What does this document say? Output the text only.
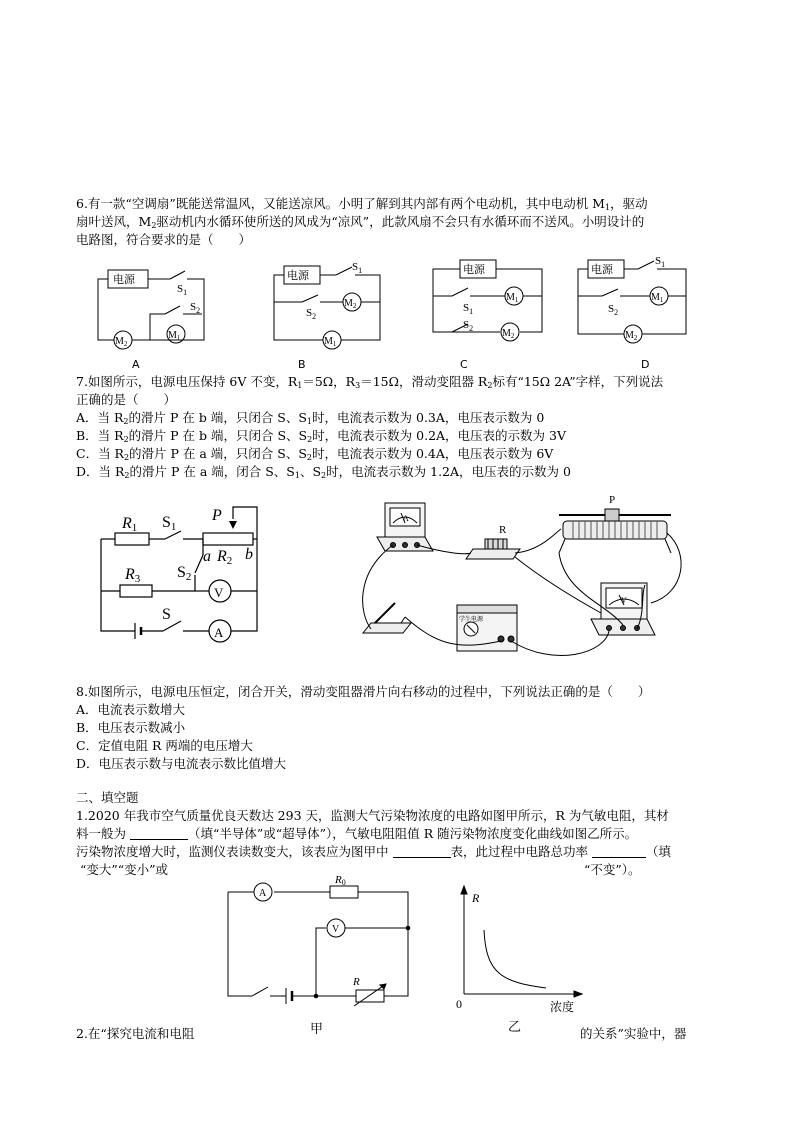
6.有一款“空调扇”既能送常温风，又能送凉风。小明了解到其内部有两个电动机，其中电动机 $M_1$，驱动
扇叶送风，$M_2$驱动机内水循环使所送的风成为“凉风”，此款风扇不会只有水循环而不送风。小明设计的
电路图，符合要求的是（　　）
电源
$S_1$
$S_2$
$M_2$
$M_1$
电源
$S_1$
$S_2$
$M_2$
$M_1$
电源
$S_1$
$S_2$
$M_1$
$M_2$
电源
$S_1$
$S_2$
$M_1$
$M_2$
A	B	C	D
7.如图所示，电源电压保持 6V 不变，$R_1=5\Omega$，$R_3=15\Omega$，滑动变阻器 $R_2$标有“15Ω 2A”字样，下列说法
正确的是（　　）
A．当 $R_2$的滑片 P 在 b 端，只闭合 S、$S_1$时，电流表示数为 0.3A，电压表示数为 0
B．当 $R_2$的滑片 P 在 b 端，只闭合 S、$S_2$时，电流表示数为 0.2A，电压表的示数为 3V
C．当 $R_2$的滑片 P 在 a 端，只闭合 S、$S_2$时，电流表示数为 0.4A，电压表示数为 6V
D．当 $R_2$的滑片 P 在 a 端，闭合 S、$S_1$、$S_2$时，电流表示数为 1.2A，电压表的示数为 0
R1 S1
P
a R2 b
S2
R3
S
V
A
P
R
学生电源
A
V
8.如图所示，电源电压恒定，闭合开关，滑动变阻器滑片向右移动的过程中，下列说法正确的是（　　）
A．电流表示数增大
B．电压表示数减小
C．定值电阻 R 两端的电压增大
D．电压表示数与电流表示数比值增大
二、填空题
1.2020 年我市空气质量优良天数达 293 天，监测大气污染物浓度的电路如图甲所示，R 为气敏电阻，其材
料一般为	（填“半导体”或“超导体”），气敏电阻阻值 R 随污染物浓度变化曲线如图乙所示。
污染物浓度增大时，监测仪表读数变大，该表应为图甲中	表，此过程中电路总功率	（填
“变大”“变小”或	“不变”）。
A
V
R0
R
甲
R
0	浓度
乙
2.在“探究电流和电阻	的关系”实验中，器
